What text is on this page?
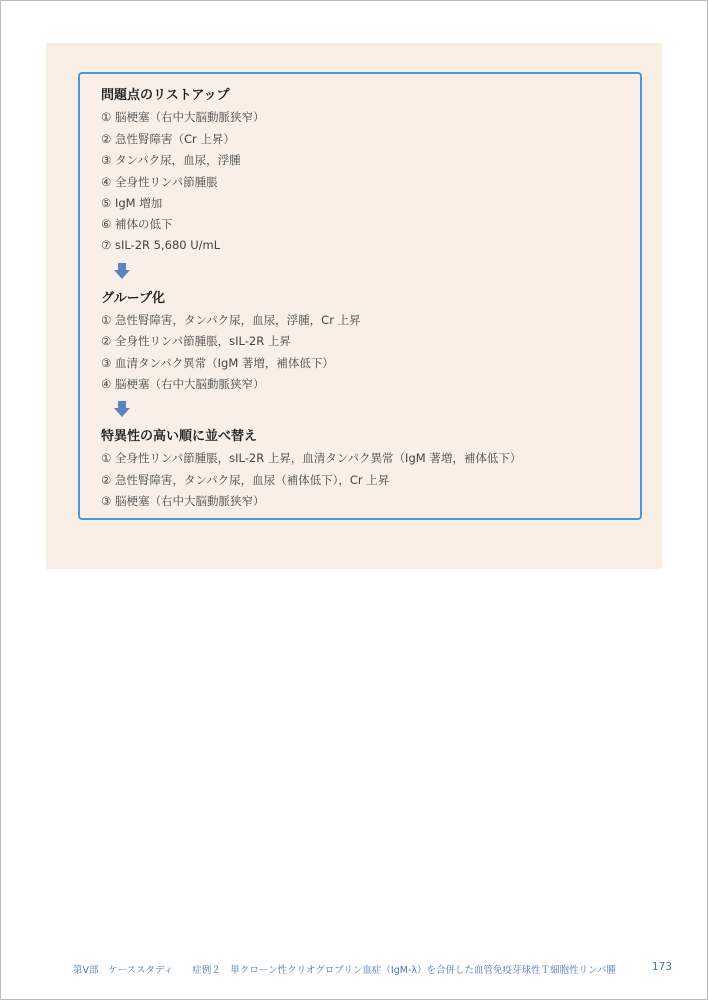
問題点のリストアップ
① 脳梗塞（右中大脳動脈狭窄）
② 急性腎障害（Cr 上昇）
③ タンパク尿，血尿，浮腫
④ 全身性リンパ節腫脹
⑤ IgM 増加
⑥ 補体の低下
⑦ sIL-2R 5,680 U/mL
グループ化
① 急性腎障害，タンパク尿，血尿，浮腫，Cr 上昇
② 全身性リンパ節腫脹，sIL-2R 上昇
③ 血清タンパク異常（IgM 著増，補体低下）
④ 脳梗塞（右中大脳動脈狭窄）
特異性の高い順に並べ替え
① 全身性リンパ節腫脹，sIL-2R 上昇，血清タンパク異常（IgM 著増，補体低下）
② 急性腎障害，タンパク尿，血尿（補体低下），Cr 上昇
③ 脳梗塞（右中大脳動脈狭窄）
第Ⅴ部　ケーススタディ　　症例２　単クローン性クリオグロブリン血症（IgM-λ）を合併した血管免疫芽球性Ｔ細胞性リンパ腫	173
